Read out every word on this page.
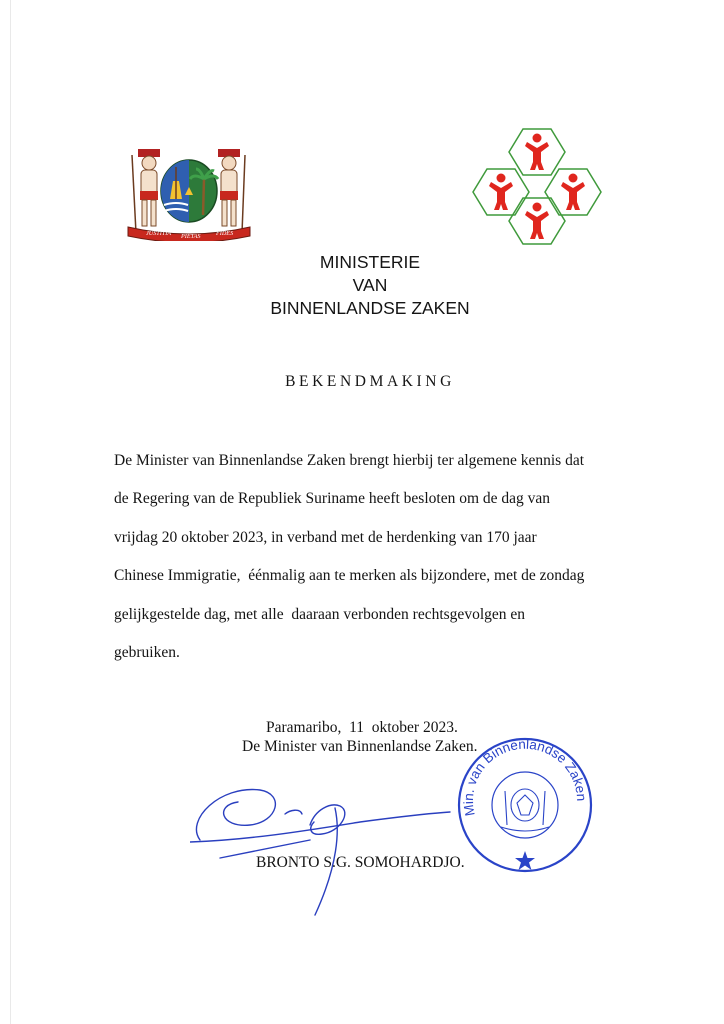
JUSTITIA PIETAS	FIDES
MINISTERIE
VAN
BINNENLANDSE ZAKEN
BEKENDMAKING
De Minister van Binnenlandse Zaken brengt hierbij ter algemene kennis dat
de Regering van de Republiek Suriname heeft besloten om de dag van
vrijdag 20 oktober 2023, in verband met de herdenking van 170 jaar
Chinese Immigratie,  éénmalig aan te merken als bijzondere, met de zondag
gelijkgestelde dag, met alle  daaraan verbonden rechtsgevolgen en
gebruiken.
Paramaribo,  11  oktober 2023.
De Minister van Binnenlandse Zaken.
BRONTO S.G. SOMOHARDJO.
Min. van Binnenlandse Zaken
